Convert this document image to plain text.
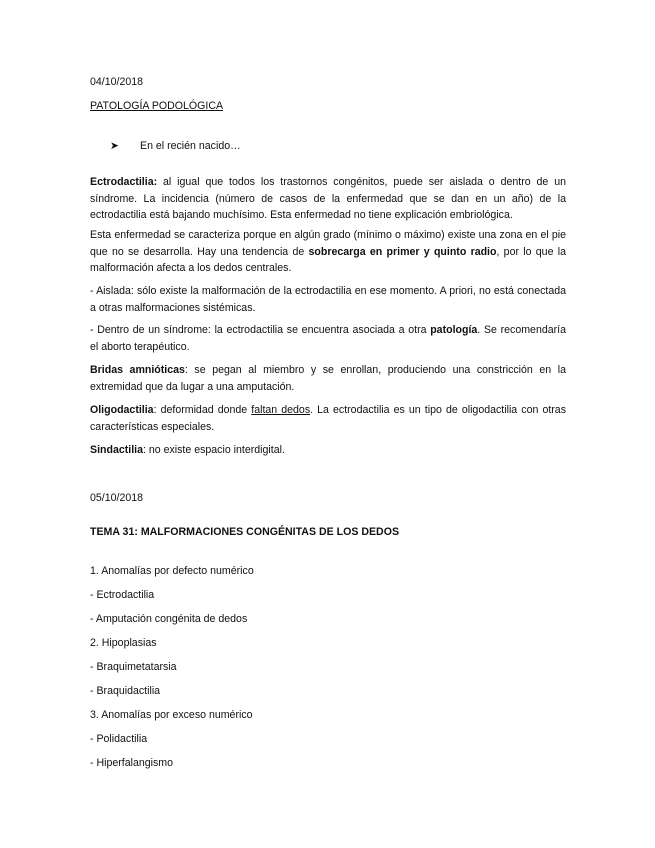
04/10/2018
PATOLOGÍA PODOLÓGICA
➤ En el recién nacido…

Ectrodactilia: al igual que todos los trastornos congénitos, puede ser aislada o dentro de un síndrome. La incidencia (número de casos de la enfermedad que se dan en un año) de la ectrodactilia está bajando muchísimo. Esta enfermedad no tiene explicación embriológica.

Esta enfermedad se caracteriza porque en algún grado (mínimo o máximo) existe una zona en el pie que no se desarrolla. Hay una tendencia de sobrecarga en primer y quinto radio, por lo que la malformación afecta a los dedos centrales.

- Aislada: sólo existe la malformación de la ectrodactilia en ese momento. A priori, no está conectada a otras malformaciones sistémicas.

- Dentro de un síndrome: la ectrodactilia se encuentra asociada a otra patología. Se recomendaría el aborto terapéutico.

Bridas amnióticas: se pegan al miembro y se enrollan, produciendo una constricción en la extremidad que da lugar a una amputación.

Oligodactilia: deformidad donde faltan dedos. La ectrodactilia es un tipo de oligodactilia con otras características especiales.

Sindactilia: no existe espacio interdigital.

05/10/2018
TEMA 31: MALFORMACIONES CONGÉNITAS DE LOS DEDOS
1. Anomalías por defecto numérico
- Ectrodactilia
- Amputación congénita de dedos
2. Hipoplasias
- Braquimetatarsia
- Braquidactilia
3. Anomalías por exceso numérico
- Polidactilia
- Hiperfalangismo
